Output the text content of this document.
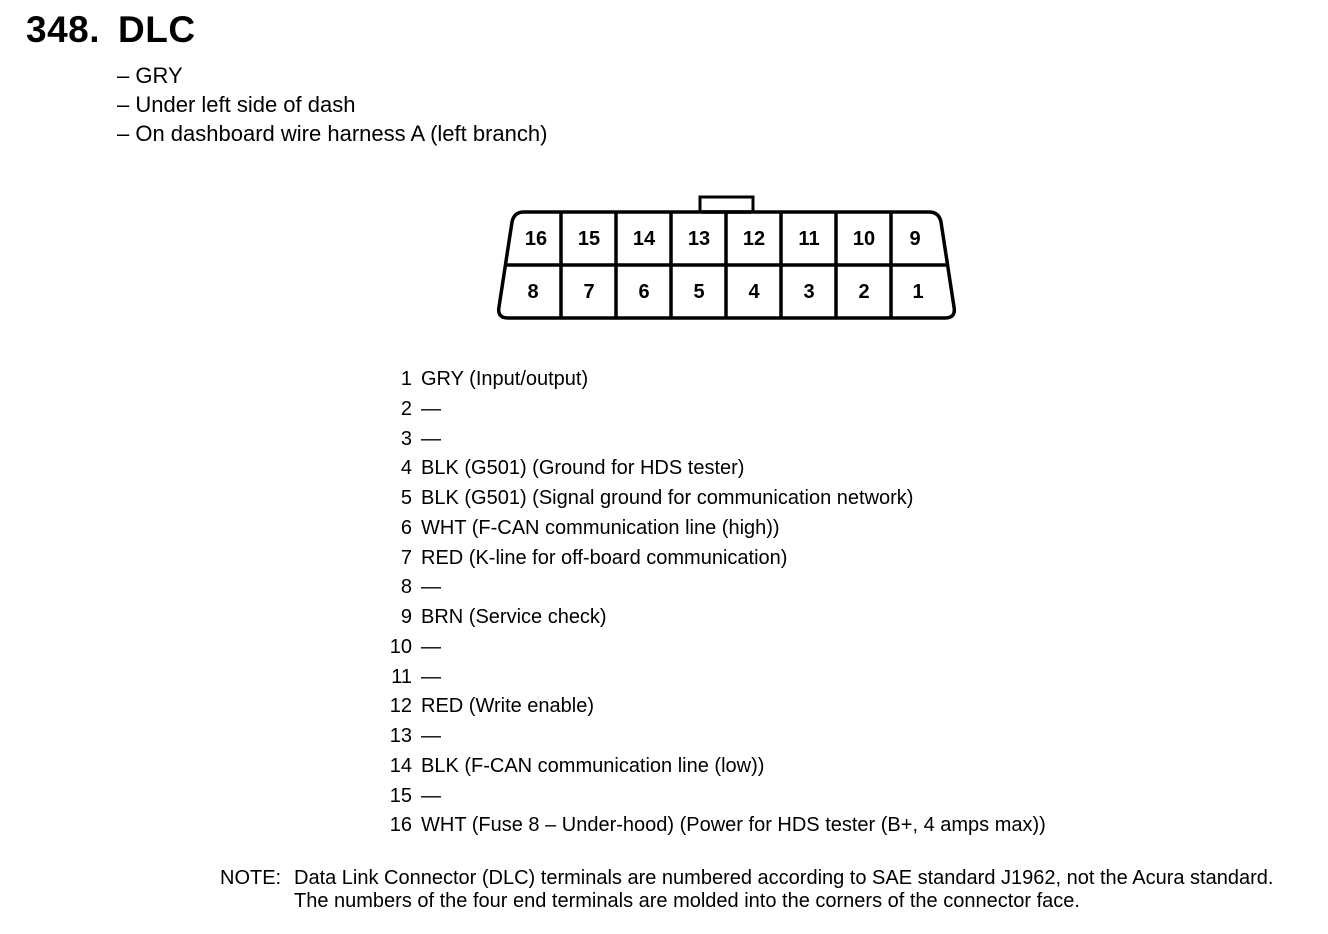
348. DLC
– GRY
– Under left side of dash
– On dashboard wire harness A (left branch)
16 15 14 13 12 11 10 9
8 7 6 5 4 3 2 1
1 GRY (Input/output)
2 —
3 —
4 BLK (G501) (Ground for HDS tester)
5 BLK (G501) (Signal ground for communication network)
6 WHT (F-CAN communication line (high))
7 RED (K-line for off-board communication)
8 —
9 BRN (Service check)
10 —
11 —
12 RED (Write enable)
13 —
14 BLK (F-CAN communication line (low))
15 —
16 WHT (Fuse 8 – Under-hood) (Power for HDS tester (B+, 4 amps max))
NOTE: Data Link Connector (DLC) terminals are numbered according to SAE standard J1962, not the Acura standard. The numbers of the four end terminals are molded into the corners of the connector face.
